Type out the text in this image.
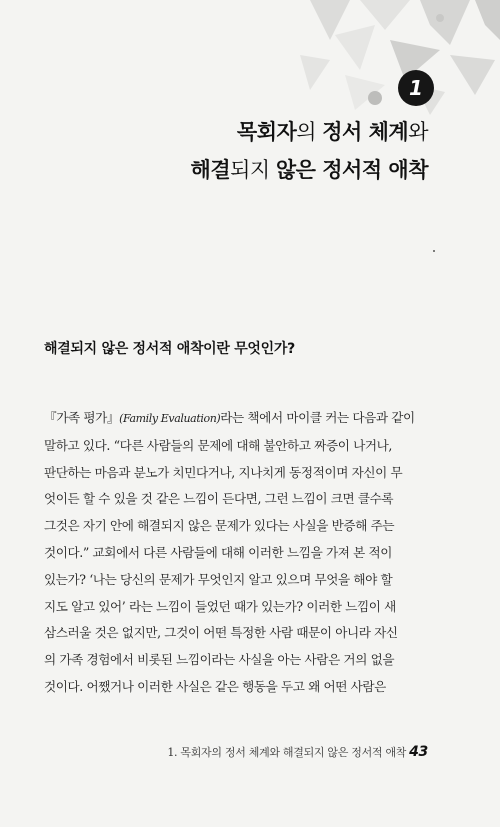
1
목회자의 정서 체계와
해결되지 않은 정서적 애착
해결되지 않은 정서적 애착이란 무엇인가?
『가족 평가』(Family Evaluation)라는 책에서 마이클 커는 다음과 같이
말하고 있다. “다른 사람들의 문제에 대해 불안하고 짜증이 나거나,
판단하는 마음과 분노가 치민다거나, 지나치게 동정적이며 자신이 무
엇이든 할 수 있을 것 같은 느낌이 든다면, 그런 느낌이 크면 클수록
그것은 자기 안에 해결되지 않은 문제가 있다는 사실을 반증해 주는
것이다.” 교회에서 다른 사람들에 대해 이러한 느낌을 가져 본 적이
있는가? ‘나는 당신의 문제가 무엇인지 알고 있으며 무엇을 해야 할
지도 알고 있어’ 라는 느낌이 들었던 때가 있는가? 이러한 느낌이 새
삼스러울 것은 없지만, 그것이 어떤 특정한 사람 때문이 아니라 자신
의 가족 경험에서 비롯된 느낌이라는 사실을 아는 사람은 거의 없을
것이다. 어쨌거나 이러한 사실은 같은 행동을 두고 왜 어떤 사람은
1. 목회자의 정서 체계와 해결되지 않은 정서적 애착 43
